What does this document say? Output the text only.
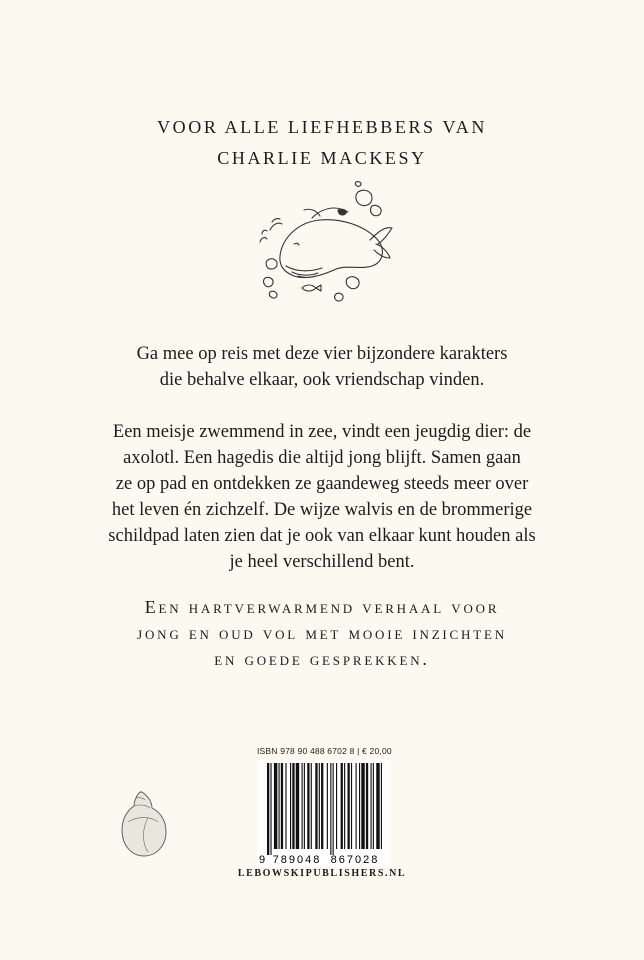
VOOR ALLE LIEFHEBBERS VAN
CHARLIE MACKESY
Ga mee op reis met deze vier bijzondere karakters
die behalve elkaar, ook vriendschap vinden.
Een meisje zwemmend in zee, vindt een jeugdig dier: de
axolotl. Een hagedis die altijd jong blijft. Samen gaan
ze op pad en ontdekken ze gaandeweg steeds meer over
het leven én zichzelf. De wijze walvis en de brommerige
schildpad laten zien dat je ook van elkaar kunt houden als
je heel verschillend bent.
Een hartverwarmend verhaal voor
jong en oud vol met mooie inzichten
en goede gesprekken.
ISBN 978 90 488 6702 8 | € 20,00
9 789048 867028
LEBOWSKIPUBLISHERS.NL
